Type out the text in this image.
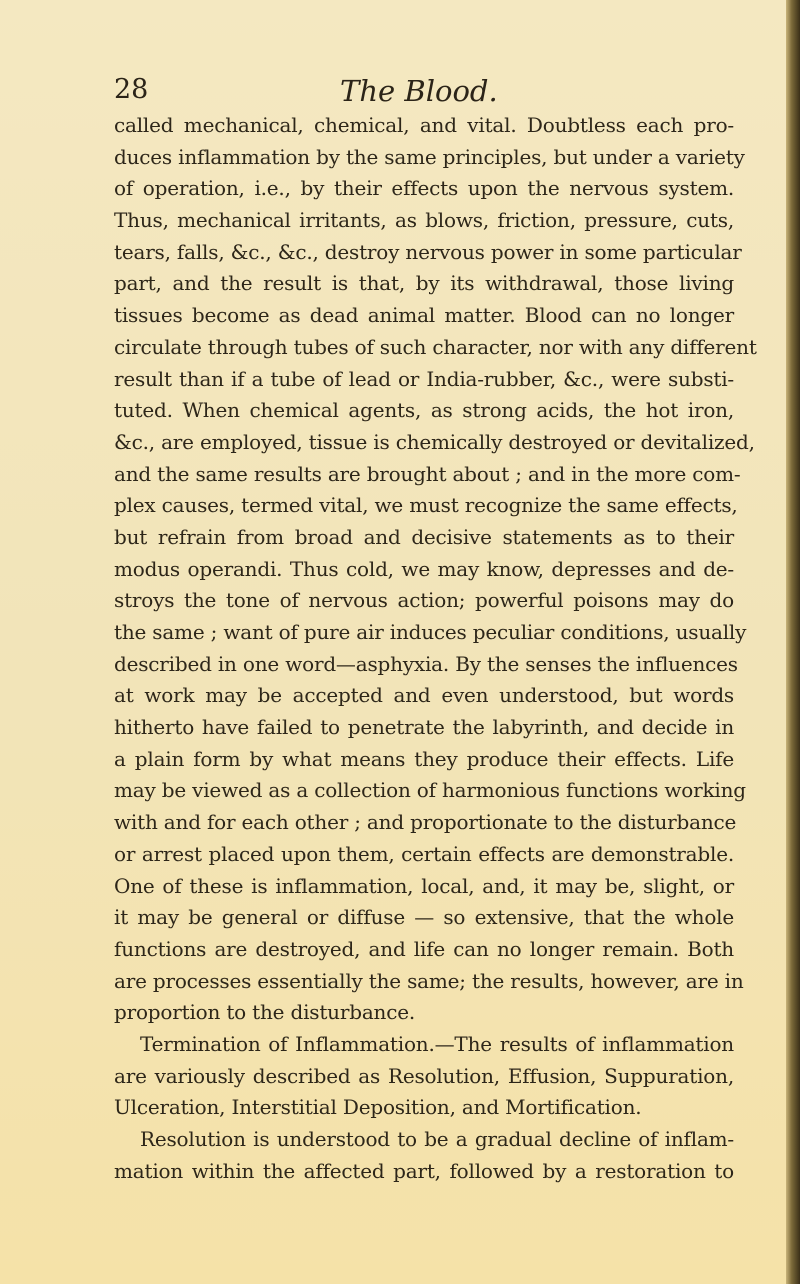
28	The Blood.
called mechanical, chemical, and vital. Doubtless each pro-
duces inflammation by the same principles, but under a variety
of operation, i.e., by their effects upon the nervous system.
Thus, mechanical irritants, as blows, friction, pressure, cuts,
tears, falls, &c., &c., destroy nervous power in some particular
part, and the result is that, by its withdrawal, those living
tissues become as dead animal matter. Blood can no longer
circulate through tubes of such character, nor with any different
result than if a tube of lead or India-rubber, &c., were substi-
tuted. When chemical agents, as strong acids, the hot iron,
&c., are employed, tissue is chemically destroyed or devitalized,
and the same results are brought about ; and in the more com-
plex causes, termed vital, we must recognize the same effects,
but refrain from broad and decisive statements as to their
modus operandi. Thus cold, we may know, depresses and de-
stroys the tone of nervous action; powerful poisons may do
the same ; want of pure air induces peculiar conditions, usually
described in one word—asphyxia. By the senses the influences
at work may be accepted and even understood, but words
hitherto have failed to penetrate the labyrinth, and decide in
a plain form by what means they produce their effects. Life
may be viewed as a collection of harmonious functions working
with and for each other ; and proportionate to the disturbance
or arrest placed upon them, certain effects are demonstrable.
One of these is inflammation, local, and, it may be, slight, or
it may be general or diffuse — so extensive, that the whole
functions are destroyed, and life can no longer remain. Both
are processes essentially the same; the results, however, are in
proportion to the disturbance.
Termination of Inflammation.—The results of inflammation
are variously described as Resolution, Effusion, Suppuration,
Ulceration, Interstitial Deposition, and Mortification.
Resolution is understood to be a gradual decline of inflam-
mation within the affected part, followed by a restoration to
